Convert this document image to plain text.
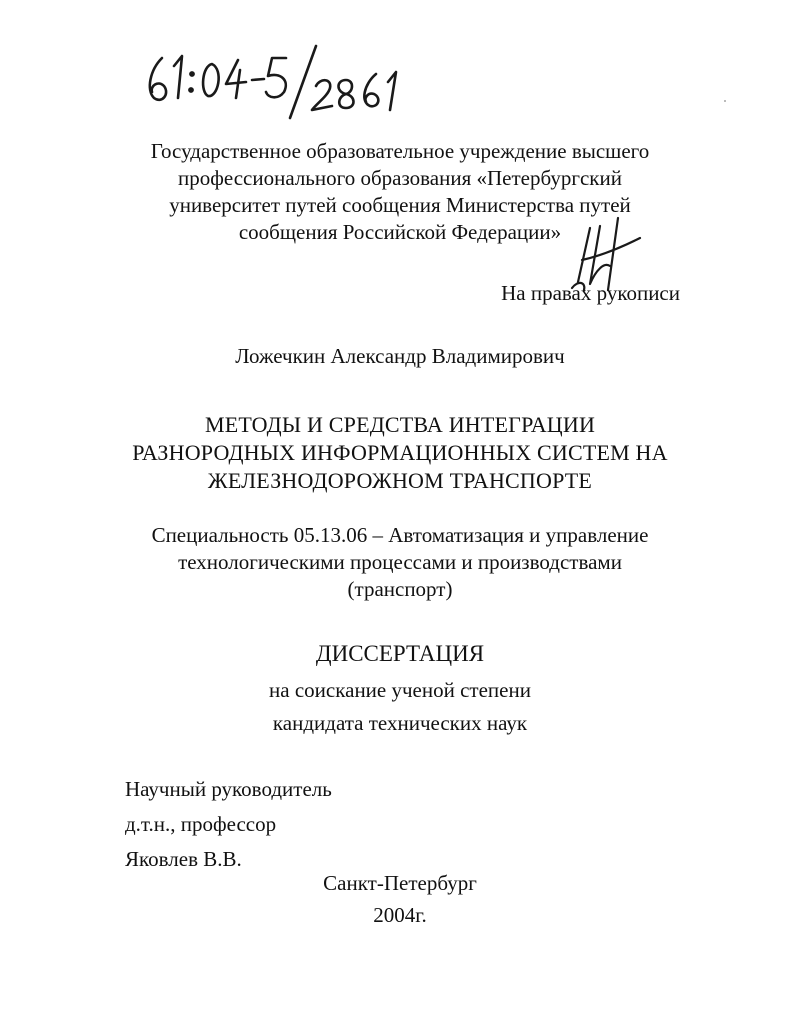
Государственное образовательное учреждение высшего
профессионального образования «Петербургский
университет путей сообщения Министерства путей
сообщения Российской Федерации»
На правах рукописи
Ложечкин Александр Владимирович
МЕТОДЫ И СРЕДСТВА ИНТЕГРАЦИИ
РАЗНОРОДНЫХ ИНФОРМАЦИОННЫХ СИСТЕМ НА
ЖЕЛЕЗНОДОРОЖНОМ ТРАНСПОРТЕ
Специальность 05.13.06 – Автоматизация и управление
технологическими процессами и производствами
(транспорт)
ДИССЕРТАЦИЯ
на соискание ученой степени
кандидата технических наук
Научный руководитель
д.т.н., профессор
Яковлев В.В.
Санкт-Петербург
2004г.
